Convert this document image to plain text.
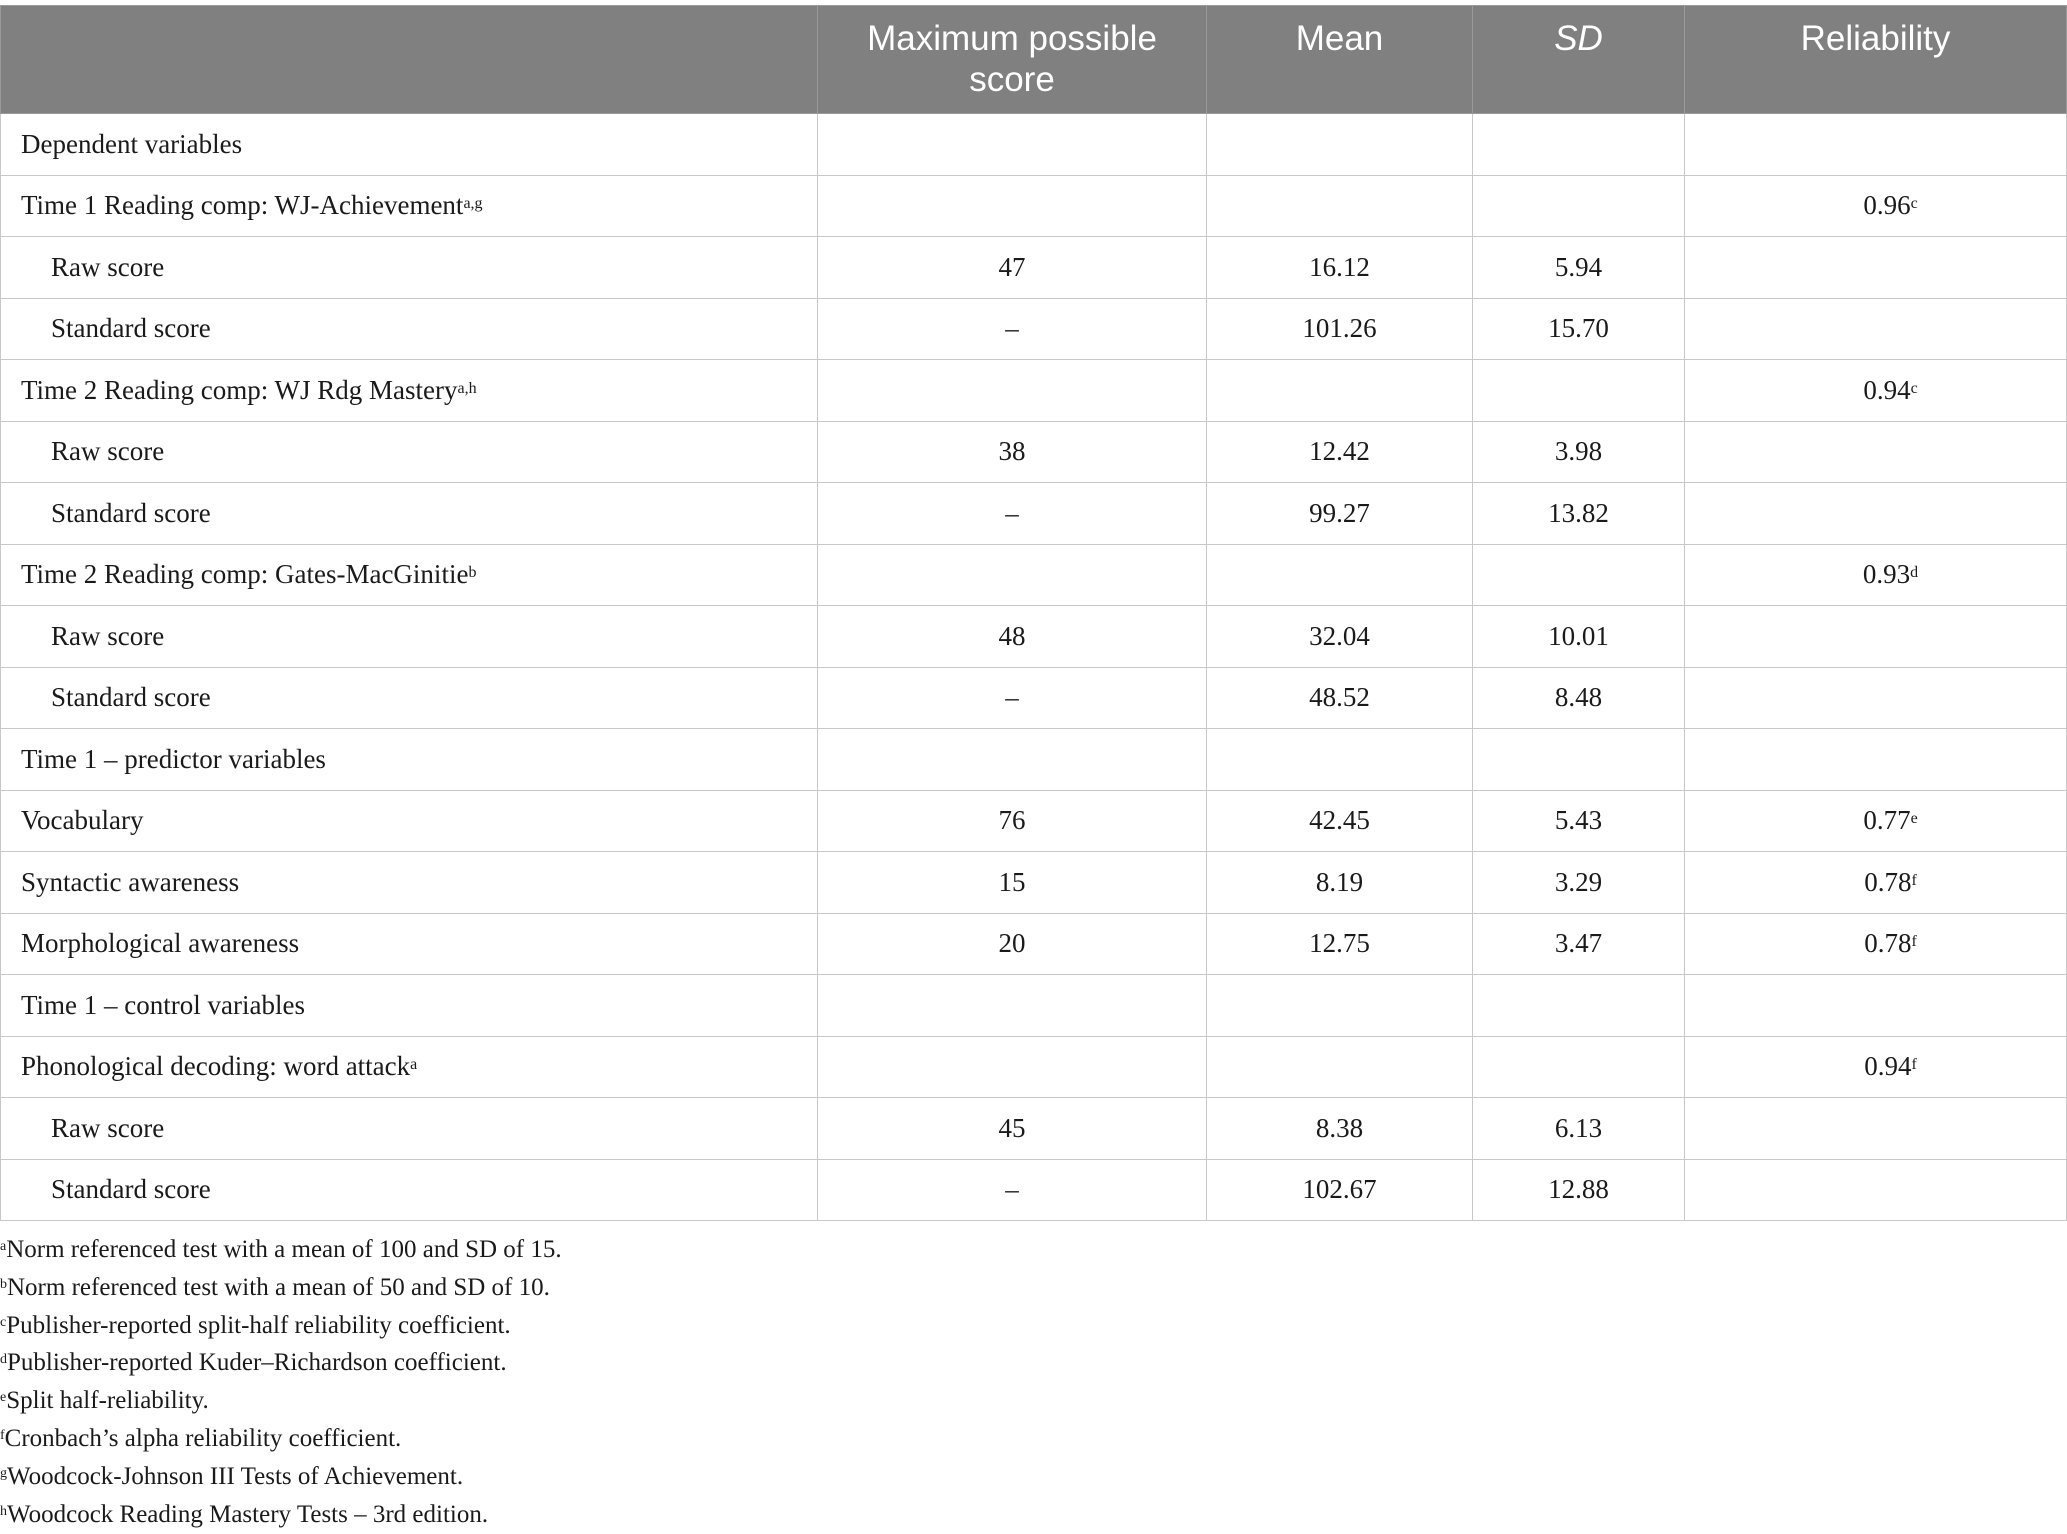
	Maximum possible score	Mean	SD	Reliability
Dependent variables				
Time 1 Reading comp: WJ-Achievement$^{a,g}$				0.96$^c$
Raw score	47	16.12	5.94	
Standard score	–	101.26	15.70	
Time 2 Reading comp: WJ Rdg Mastery$^{a,h}$				0.94$^c$
Raw score	38	12.42	3.98	
Standard score	–	99.27	13.82	
Time 2 Reading comp: Gates-MacGinitie$^b$				0.93$^d$
Raw score	48	32.04	10.01	
Standard score	–	48.52	8.48	
Time 1 – predictor variables				
Vocabulary	76	42.45	5.43	0.77e
Syntactic awareness	15	8.19	3.29	0.78$^f$
Morphological awareness	20	12.75	3.47	0.78$^f$
Time 1 – control variables				
Phonological decoding: word attack$^a$				0.94$^f$
Raw score	45	8.38	6.13	
Standard score	–	102.67	12.88	
$^a$Norm referenced test with a mean of 100 and SD of 15.
$^b$Norm referenced test with a mean of 50 and SD of 10.
$^c$Publisher-reported split-half reliability coefficient.
$^d$Publisher-reported Kuder–Richardson coefficient.
$^e$Split half-reliability.
$^f$Cronbach’s alpha reliability coefficient.
$^g$Woodcock-Johnson III Tests of Achievement.
$^h$Woodcock Reading Mastery Tests – 3rd edition.
